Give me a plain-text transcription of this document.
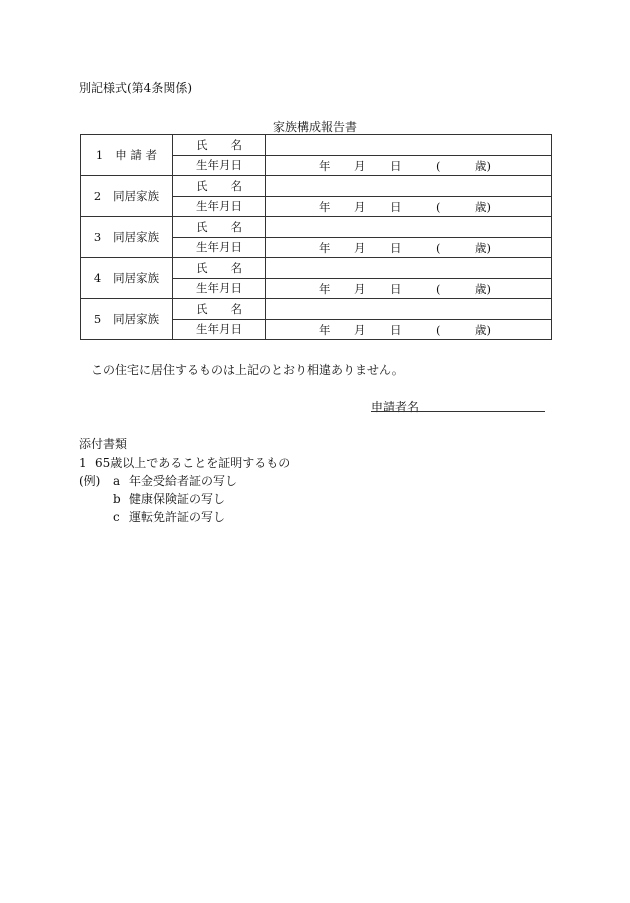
別記様式(第4条関係)
家族構成報告書
1 申 請 者	氏　　名	
	生年月日	年 月 日 ( 歳)

2 同居家族	氏　　名	
	生年月日	年 月 日 ( 歳)

3 同居家族	氏　　名	
	生年月日	年 月 日 ( 歳)

4 同居家族	氏　　名	
	生年月日	年 月 日 ( 歳)

5 同居家族	氏　　名	
	生年月日	年 月 日 ( 歳)
この住宅に居住するものは上記のとおり相違ありません。
申請者名
添付書類
1 65歳以上であることを証明するもの
(例) a 年金受給者証の写し
b 健康保険証の写し
c 運転免許証の写し
